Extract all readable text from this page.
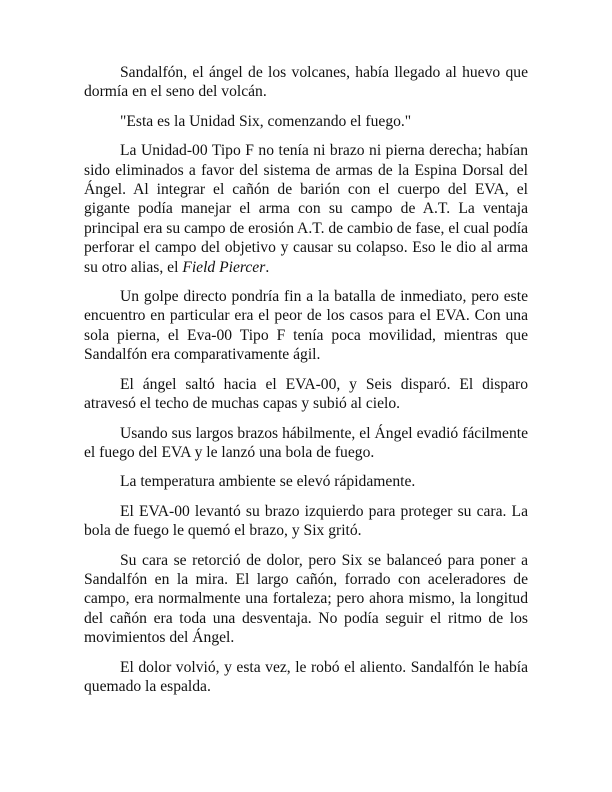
Sandalfón, el ángel de los volcanes, había llegado al huevo que dormía en el seno del volcán.

"Esta es la Unidad Six, comenzando el fuego."

La Unidad-00 Tipo F no tenía ni brazo ni pierna derecha; habían sido eliminados a favor del sistema de armas de la Espina Dorsal del Ángel. Al integrar el cañón de barión con el cuerpo del EVA, el gigante podía manejar el arma con su campo de A.T. La ventaja principal era su campo de erosión A.T. de cambio de fase, el cual podía perforar el campo del objetivo y causar su colapso. Eso le dio al arma su otro alias, el Field Piercer.

Un golpe directo pondría fin a la batalla de inmediato, pero este encuentro en particular era el peor de los casos para el EVA. Con una sola pierna, el Eva-00 Tipo F tenía poca movilidad, mientras que Sandalfón era comparativamente ágil.

El ángel saltó hacia el EVA-00, y Seis disparó. El disparo atravesó el techo de muchas capas y subió al cielo.

Usando sus largos brazos hábilmente, el Ángel evadió fácilmente el fuego del EVA y le lanzó una bola de fuego.

La temperatura ambiente se elevó rápidamente.

El EVA-00 levantó su brazo izquierdo para proteger su cara. La bola de fuego le quemó el brazo, y Six gritó.

Su cara se retorció de dolor, pero Six se balanceó para poner a Sandalfón en la mira. El largo cañón, forrado con aceleradores de campo, era normalmente una fortaleza; pero ahora mismo, la longitud del cañón era toda una desventaja. No podía seguir el ritmo de los movimientos del Ángel.

El dolor volvió, y esta vez, le robó el aliento. Sandalfón le había quemado la espalda.
